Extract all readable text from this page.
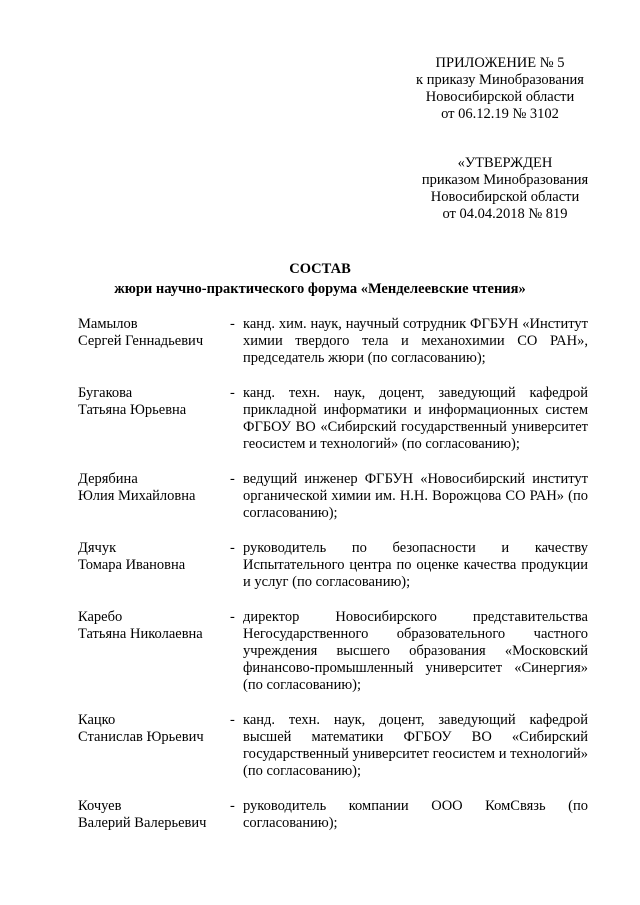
ПРИЛОЖЕНИЕ № 5
к приказу Минобразования
Новосибирской области
от 06.12.19 № 3102
«УТВЕРЖДЕН
приказом Минобразования
Новосибирской области
от 04.04.2018 № 819
СОСТАВ
жюри научно-практического форума «Менделеевские чтения»
Мамылов
Сергей Геннадьевич
- канд. хим. наук, научный сотрудник ФГБУН «Институт химии твердого тела и механохимии СО РАН», председатель жюри (по согласованию);
Бугакова
Татьяна Юрьевна
- канд. техн. наук, доцент, заведующий кафедрой прикладной информатики и информационных систем ФГБОУ ВО «Сибирский государственный университет геосистем и технологий» (по согласованию);
Дерябина
Юлия Михайловна
- ведущий инженер ФГБУН «Новосибирский институт органической химии им. Н.Н. Ворожцова СО РАН» (по согласованию);
Дячук
Томара Ивановна
- руководитель по безопасности и качеству Испытательного центра по оценке качества продукции и услуг (по согласованию);
Каребо
Татьяна Николаевна
- директор Новосибирского представительства Негосударственного образовательного частного учреждения высшего образования «Московский финансово-промышленный университет «Синергия» (по согласованию);
Кацко
Станислав Юрьевич
- канд. техн. наук, доцент, заведующий кафедрой высшей математики ФГБОУ ВО «Сибирский государственный университет геосистем и технологий» (по согласованию);
Кочуев
Валерий Валерьевич
- руководитель компании ООО КомСвязь (по согласованию);
